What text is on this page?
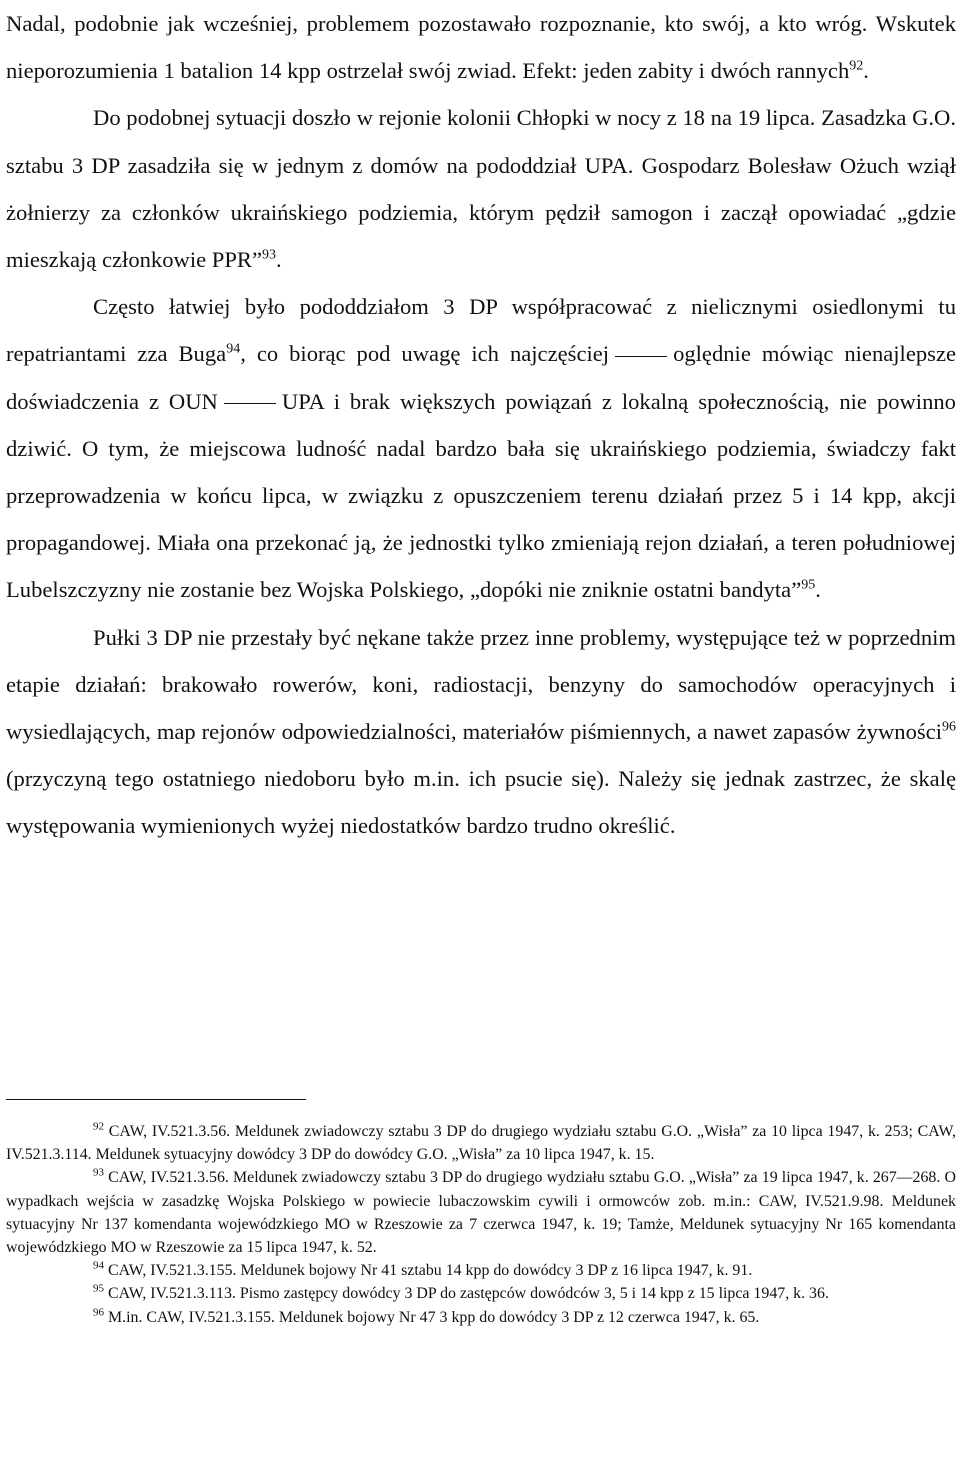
Nadal, podobnie jak wcześniej, problemem pozostawało rozpoznanie, kto swój, a kto wróg. Wskutek nieporozumienia 1 batalion 14 kpp ostrzelał swój zwiad. Efekt: jeden zabity i dwóch rannych$^{92}$.

Do podobnej sytuacji doszło w rejonie kolonii Chłopki w nocy z 18 na 19 lipca. Zasadzka G.O. sztabu 3 DP zasadziła się w jednym z domów na pododdział UPA. Gospodarz Bolesław Ożuch wziął żołnierzy za członków ukraińskiego podziemia, którym pędził samogon i zaczął opowiadać „gdzie mieszkają członkowie PPR”$^{93}$.

Często łatwiej było pododdziałom 3 DP współpracować z nielicznymi osiedlonymi tu repatriantami zza Buga$^{94}$, co biorąc pod uwagę ich najczęściej	oględnie mówiąc nienajlepsze doświadczenia z OUN	UPA i brak większych powiązań z lokalną społecznością, nie powinno dziwić. O tym, że miejscowa ludność nadal bardzo bała się ukraińskiego podziemia, świadczy fakt przeprowadzenia w końcu lipca, w związku z opuszczeniem terenu działań przez 5 i 14 kpp, akcji propagandowej. Miała ona przekonać ją, że jednostki tylko zmieniają rejon działań, a teren południowej Lubelszczyzny nie zostanie bez Wojska Polskiego, „dopóki nie zniknie ostatni bandyta”$^{95}$.

Pułki 3 DP nie przestały być nękane także przez inne problemy, występujące też w poprzednim etapie działań: brakowało rowerów, koni, radiostacji, benzyny do samochodów operacyjnych i wysiedlających, map rejonów odpowiedzialności, materiałów piśmiennych, a nawet zapasów żywności$^{96}$ (przyczyną tego ostatniego niedoboru było m.in. ich psucie się). Należy się jednak zastrzec, że skalę występowania wymienionych wyżej niedostatków bardzo trudno określić.

$^{92}$ CAW, IV.521.3.56. Meldunek zwiadowczy sztabu 3 DP do drugiego wydziału sztabu G.O. „Wisła” za 10 lipca 1947, k. 253; CAW, IV.521.3.114. Meldunek sytuacyjny dowódcy 3 DP do dowódcy G.O. „Wisła” za 10 lipca 1947, k. 15.

$^{93}$ CAW, IV.521.3.56. Meldunek zwiadowczy sztabu 3 DP do drugiego wydziału sztabu G.O. „Wisła” za 19 lipca 1947, k. 267—268. O wypadkach wejścia w zasadzkę Wojska Polskiego w powiecie lubaczowskim cywili i ormowców zob. m.in.: CAW, IV.521.9.98. Meldunek sytuacyjny Nr 137 komendanta wojewódzkiego MO w Rzeszowie za 7 czerwca 1947, k. 19; Tamże, Meldunek sytuacyjny Nr 165 komendanta wojewódzkiego MO w Rzeszowie za 15 lipca 1947, k. 52.

$^{94}$ CAW, IV.521.3.155. Meldunek bojowy Nr 41 sztabu 14 kpp do dowódcy 3 DP z 16 lipca 1947, k. 91.

$^{95}$ CAW, IV.521.3.113. Pismo zastępcy dowódcy 3 DP do zastępców dowódców 3, 5 i 14 kpp z 15 lipca 1947, k. 36.

$^{96}$ M.in. CAW, IV.521.3.155. Meldunek bojowy Nr 47 3 kpp do dowódcy 3 DP z 12 czerwca 1947, k. 65.
